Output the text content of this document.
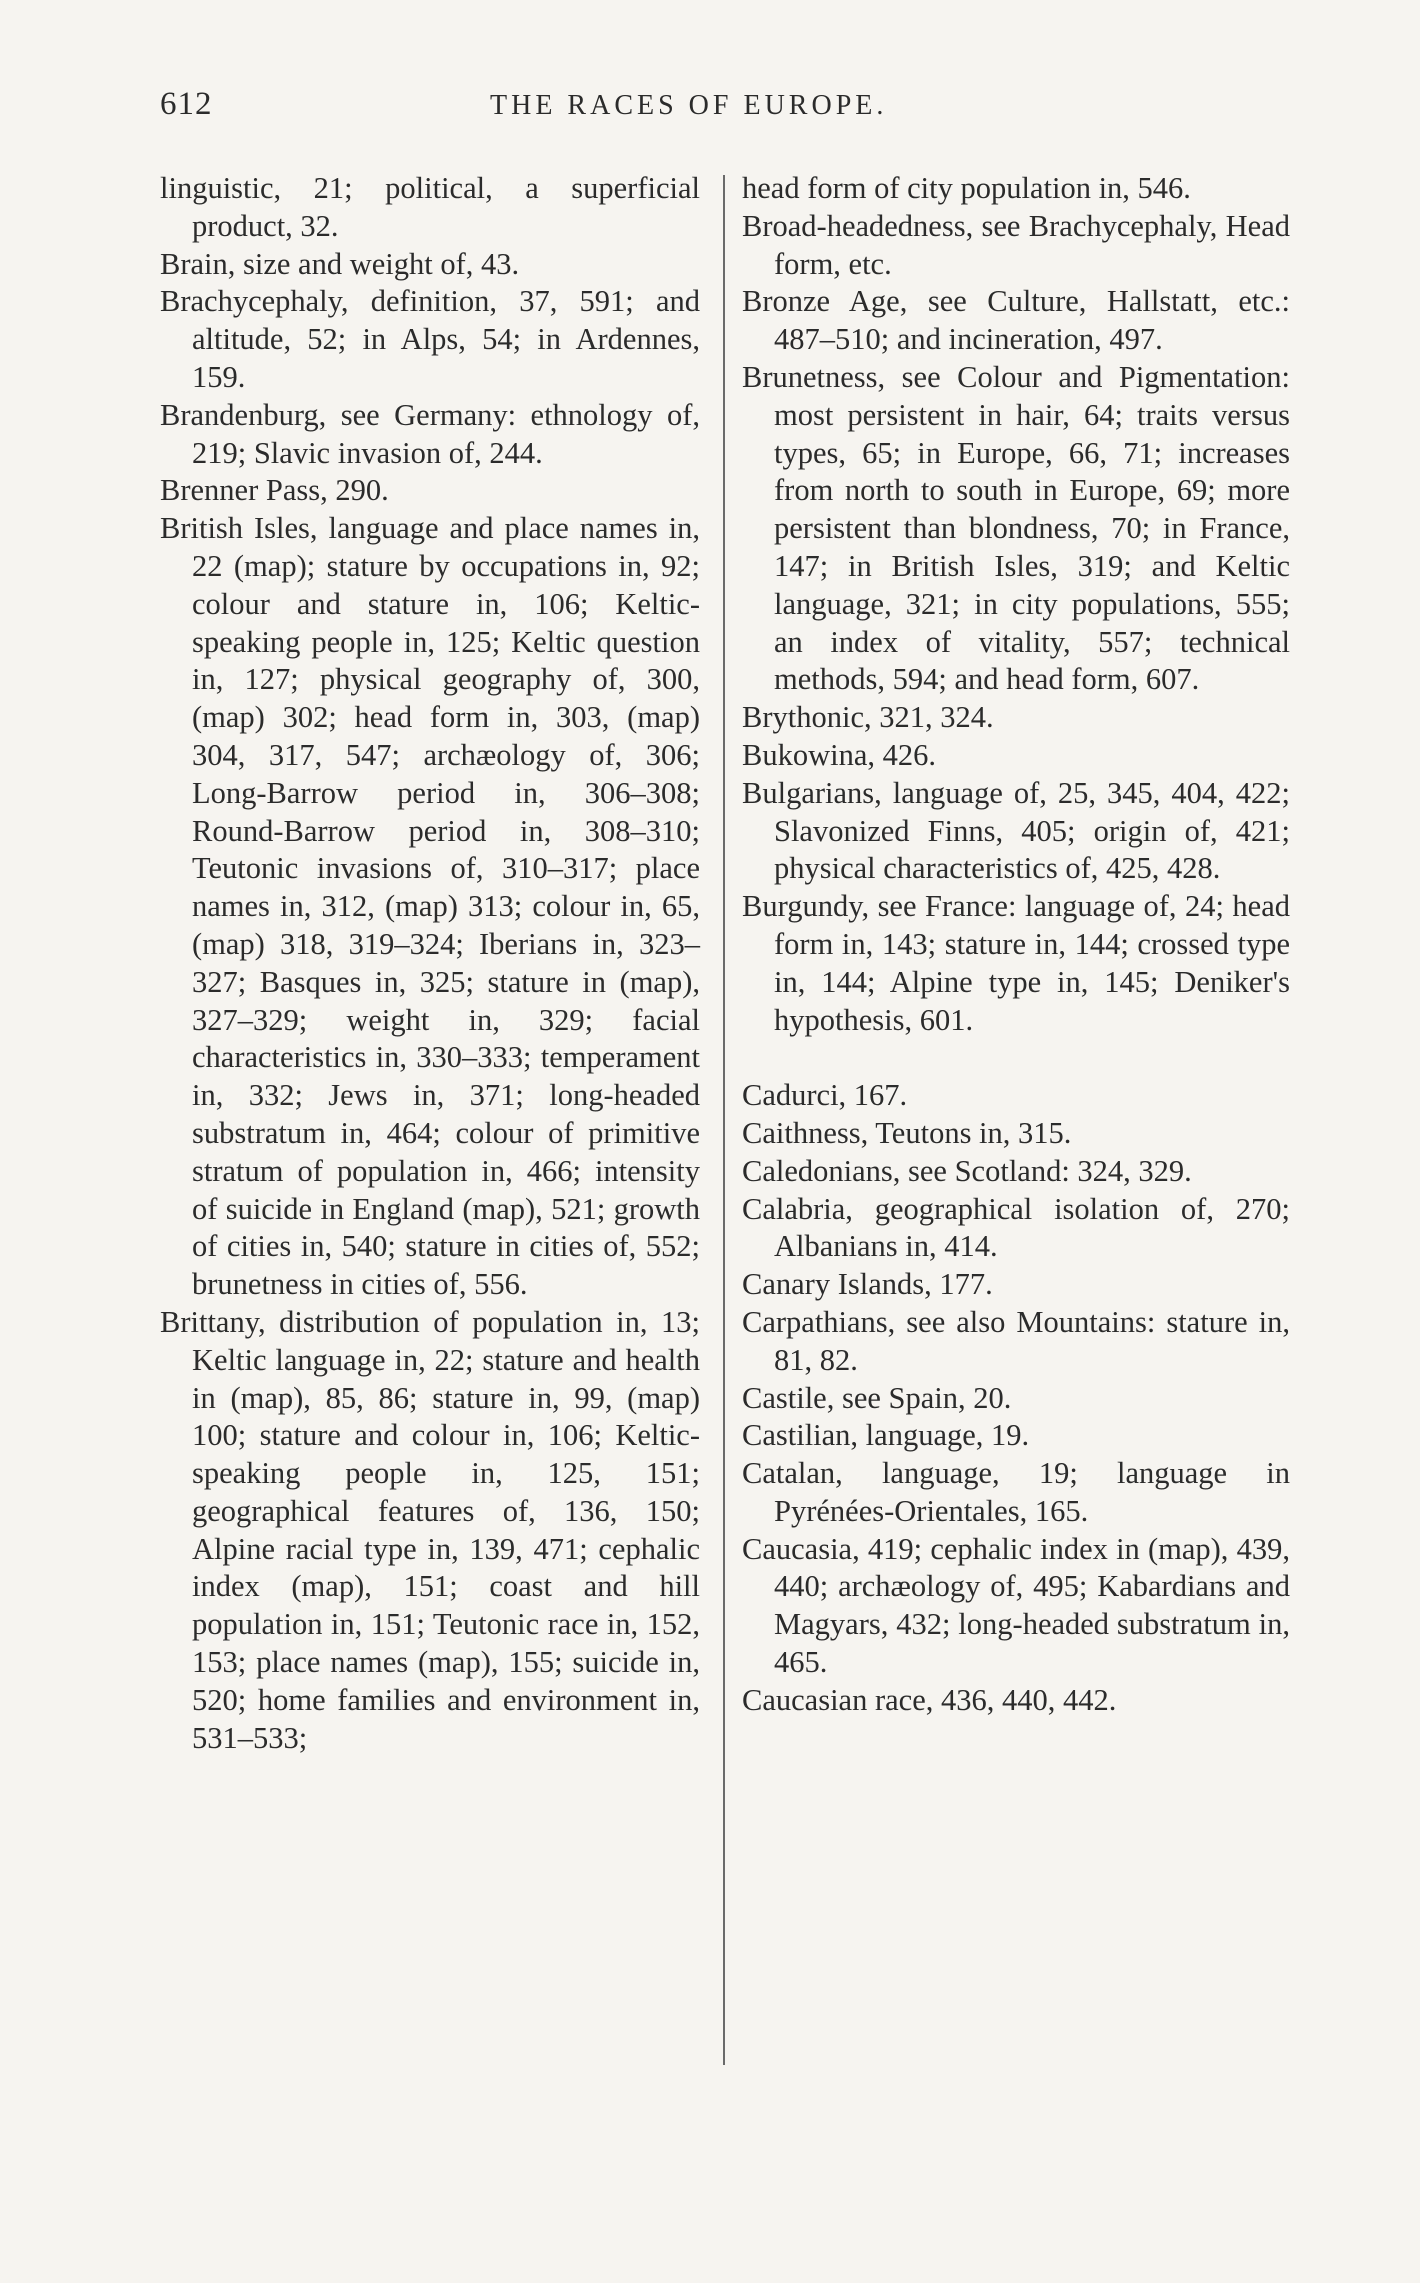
612	THE RACES OF EUROPE.

linguistic, 21; political, a superficial product, 32.

Brain, size and weight of, 43.

Brachycephaly, definition, 37, 591; and altitude, 52; in Alps, 54; in Ardennes, 159.

Brandenburg, see Germany: ethnology of, 219; Slavic invasion of, 244.

Brenner Pass, 290.

British Isles, language and place names in, 22 (map); stature by occupations in, 92; colour and stature in, 106; Keltic-speaking people in, 125; Keltic question in, 127; physical geography of, 300, (map) 302; head form in, 303, (map) 304, 317, 547; archæology of, 306; Long-Barrow period in, 306–308; Round-Barrow period in, 308–310; Teutonic invasions of, 310–317; place names in, 312, (map) 313; colour in, 65, (map) 318, 319–324; Iberians in, 323–327; Basques in, 325; stature in (map), 327–329; weight in, 329; facial characteristics in, 330–333; temperament in, 332; Jews in, 371; long-headed substratum in, 464; colour of primitive stratum of population in, 466; intensity of suicide in England (map), 521; growth of cities in, 540; stature in cities of, 552; brunetness in cities of, 556.

Brittany, distribution of population in, 13; Keltic language in, 22; stature and health in (map), 85, 86; stature in, 99, (map) 100; stature and colour in, 106; Keltic-speaking people in, 125, 151; geographical features of, 136, 150; Alpine racial type in, 139, 471; cephalic index (map), 151; coast and hill population in, 151; Teutonic race in, 152, 153; place names (map), 155; suicide in, 520; home families and environment in, 531–533;

head form of city population in, 546.

Broad-headedness, see Brachycephaly, Head form, etc.

Bronze Age, see Culture, Hallstatt, etc.: 487–510; and incineration, 497.

Brunetness, see Colour and Pigmentation: most persistent in hair, 64; traits versus types, 65; in Europe, 66, 71; increases from north to south in Europe, 69; more persistent than blondness, 70; in France, 147; in British Isles, 319; and Keltic language, 321; in city populations, 555; an index of vitality, 557; technical methods, 594; and head form, 607.

Brythonic, 321, 324.

Bukowina, 426.

Bulgarians, language of, 25, 345, 404, 422; Slavonized Finns, 405; origin of, 421; physical characteristics of, 425, 428.

Burgundy, see France: language of, 24; head form in, 143; stature in, 144; crossed type in, 144; Alpine type in, 145; Deniker's hypothesis, 601.

Cadurci, 167.

Caithness, Teutons in, 315.

Caledonians, see Scotland: 324, 329.

Calabria, geographical isolation of, 270; Albanians in, 414.

Canary Islands, 177.

Carpathians, see also Mountains: stature in, 81, 82.

Castile, see Spain, 20.

Castilian, language, 19.

Catalan, language, 19; language in Pyrénées-Orientales, 165.

Caucasia, 419; cephalic index in (map), 439, 440; archæology of, 495; Kabardians and Magyars, 432; long-headed substratum in, 465.

Caucasian race, 436, 440, 442.
